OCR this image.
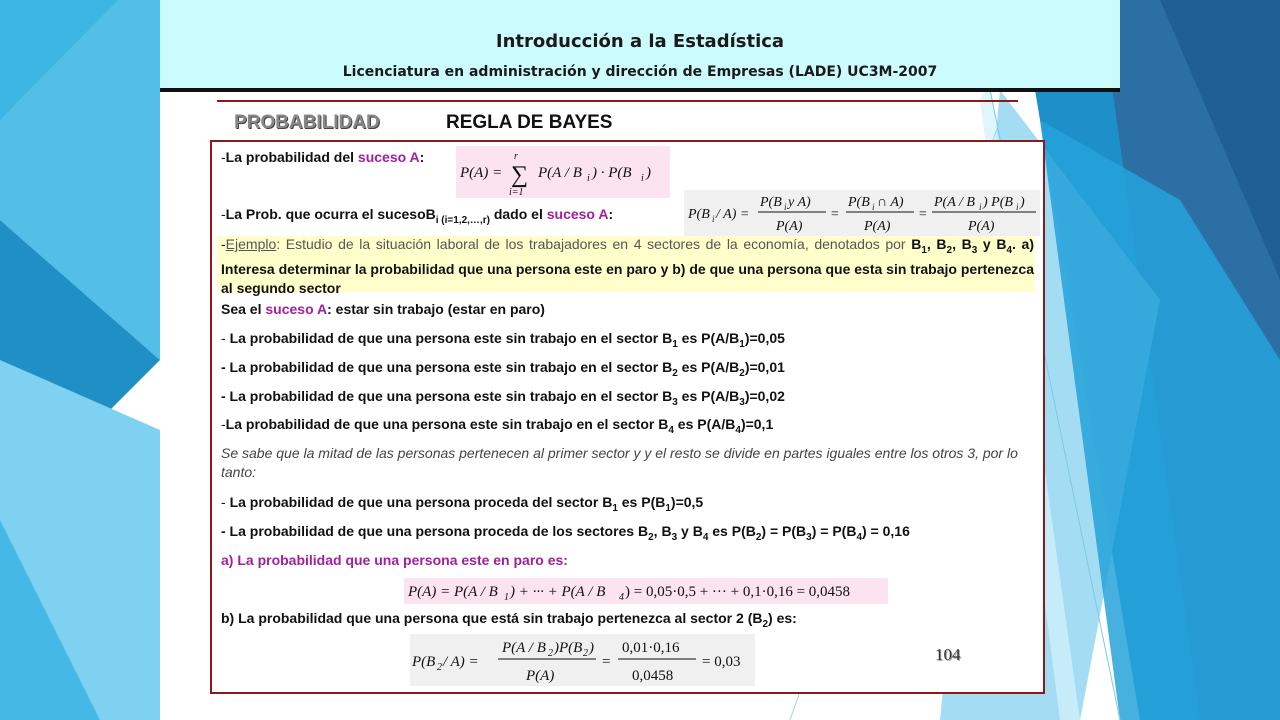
Introducción a la Estadística
Licenciatura en administración y dirección de Empresas (LADE) UC3M-2007
PROBABILIDAD	REGLA DE BAYES
-La probabilidad del suceso A:
P(A) =
r
∑
i=1
P(A / B i ) · P(B i )
-La Prob. que ocurra el sucesoB$_{i (i=1,2,\dots,r)}$ dado el suceso A:	P(B i / A) =
P(B i y A)
P(A)
=
P(B i ∩ A)
P(A)
=
P(A / B i ) P(B i )
P(A)
-Ejemplo: Estudio de la situación laboral de los trabajadores en 4 sectores de la economía, denotados por $B_1$, $B_2$, $B_3$ y $B_4$. a) Interesa determinar la probabilidad que una persona este en paro y b) de que una persona que esta sin trabajo pertenezca al segundo sector
Sea el suceso A: estar sin trabajo (estar en paro)
- La probabilidad de que una persona este sin trabajo en el sector $B_1$ es $P(A/B_1)=0,05$
- La probabilidad de que una persona este sin trabajo en el sector $B_2$ es $P(A/B_2)=0,01$
- La probabilidad de que una persona este sin trabajo en el sector $B_3$ es $P(A/B_3)=0,02$
-La probabilidad de que una persona este sin trabajo en el sector $B_4$ es $P(A/B_4)=0,1$
Se sabe que la mitad de las personas pertenecen al primer sector y y el resto se divide en partes iguales entre los otros 3, por lo tanto:
- La probabilidad de que una persona proceda del sector $B_1$ es $P(B_1)=0,5$
- La probabilidad de que una persona proceda de los sectores $B_2$, $B_3$ y $B_4$ es $P(B_2) = P(B_3) = P(B_4) = 0,16$
a) La probabilidad que una persona este en paro es:
P(A) = P(A / B 1 ) + ··· + P(A / B 4 ) = 0,05·0,5 + ··· + 0,1·0,16 = 0,0458
b) La probabilidad que una persona que está sin trabajo pertenezca al sector 2 $(B_2)$ es:
P(B 2 / A) =
P(A / B 2 )P(B 2 )
P(A)
=
0,01·0,16
0,0458
= 0,03	104
